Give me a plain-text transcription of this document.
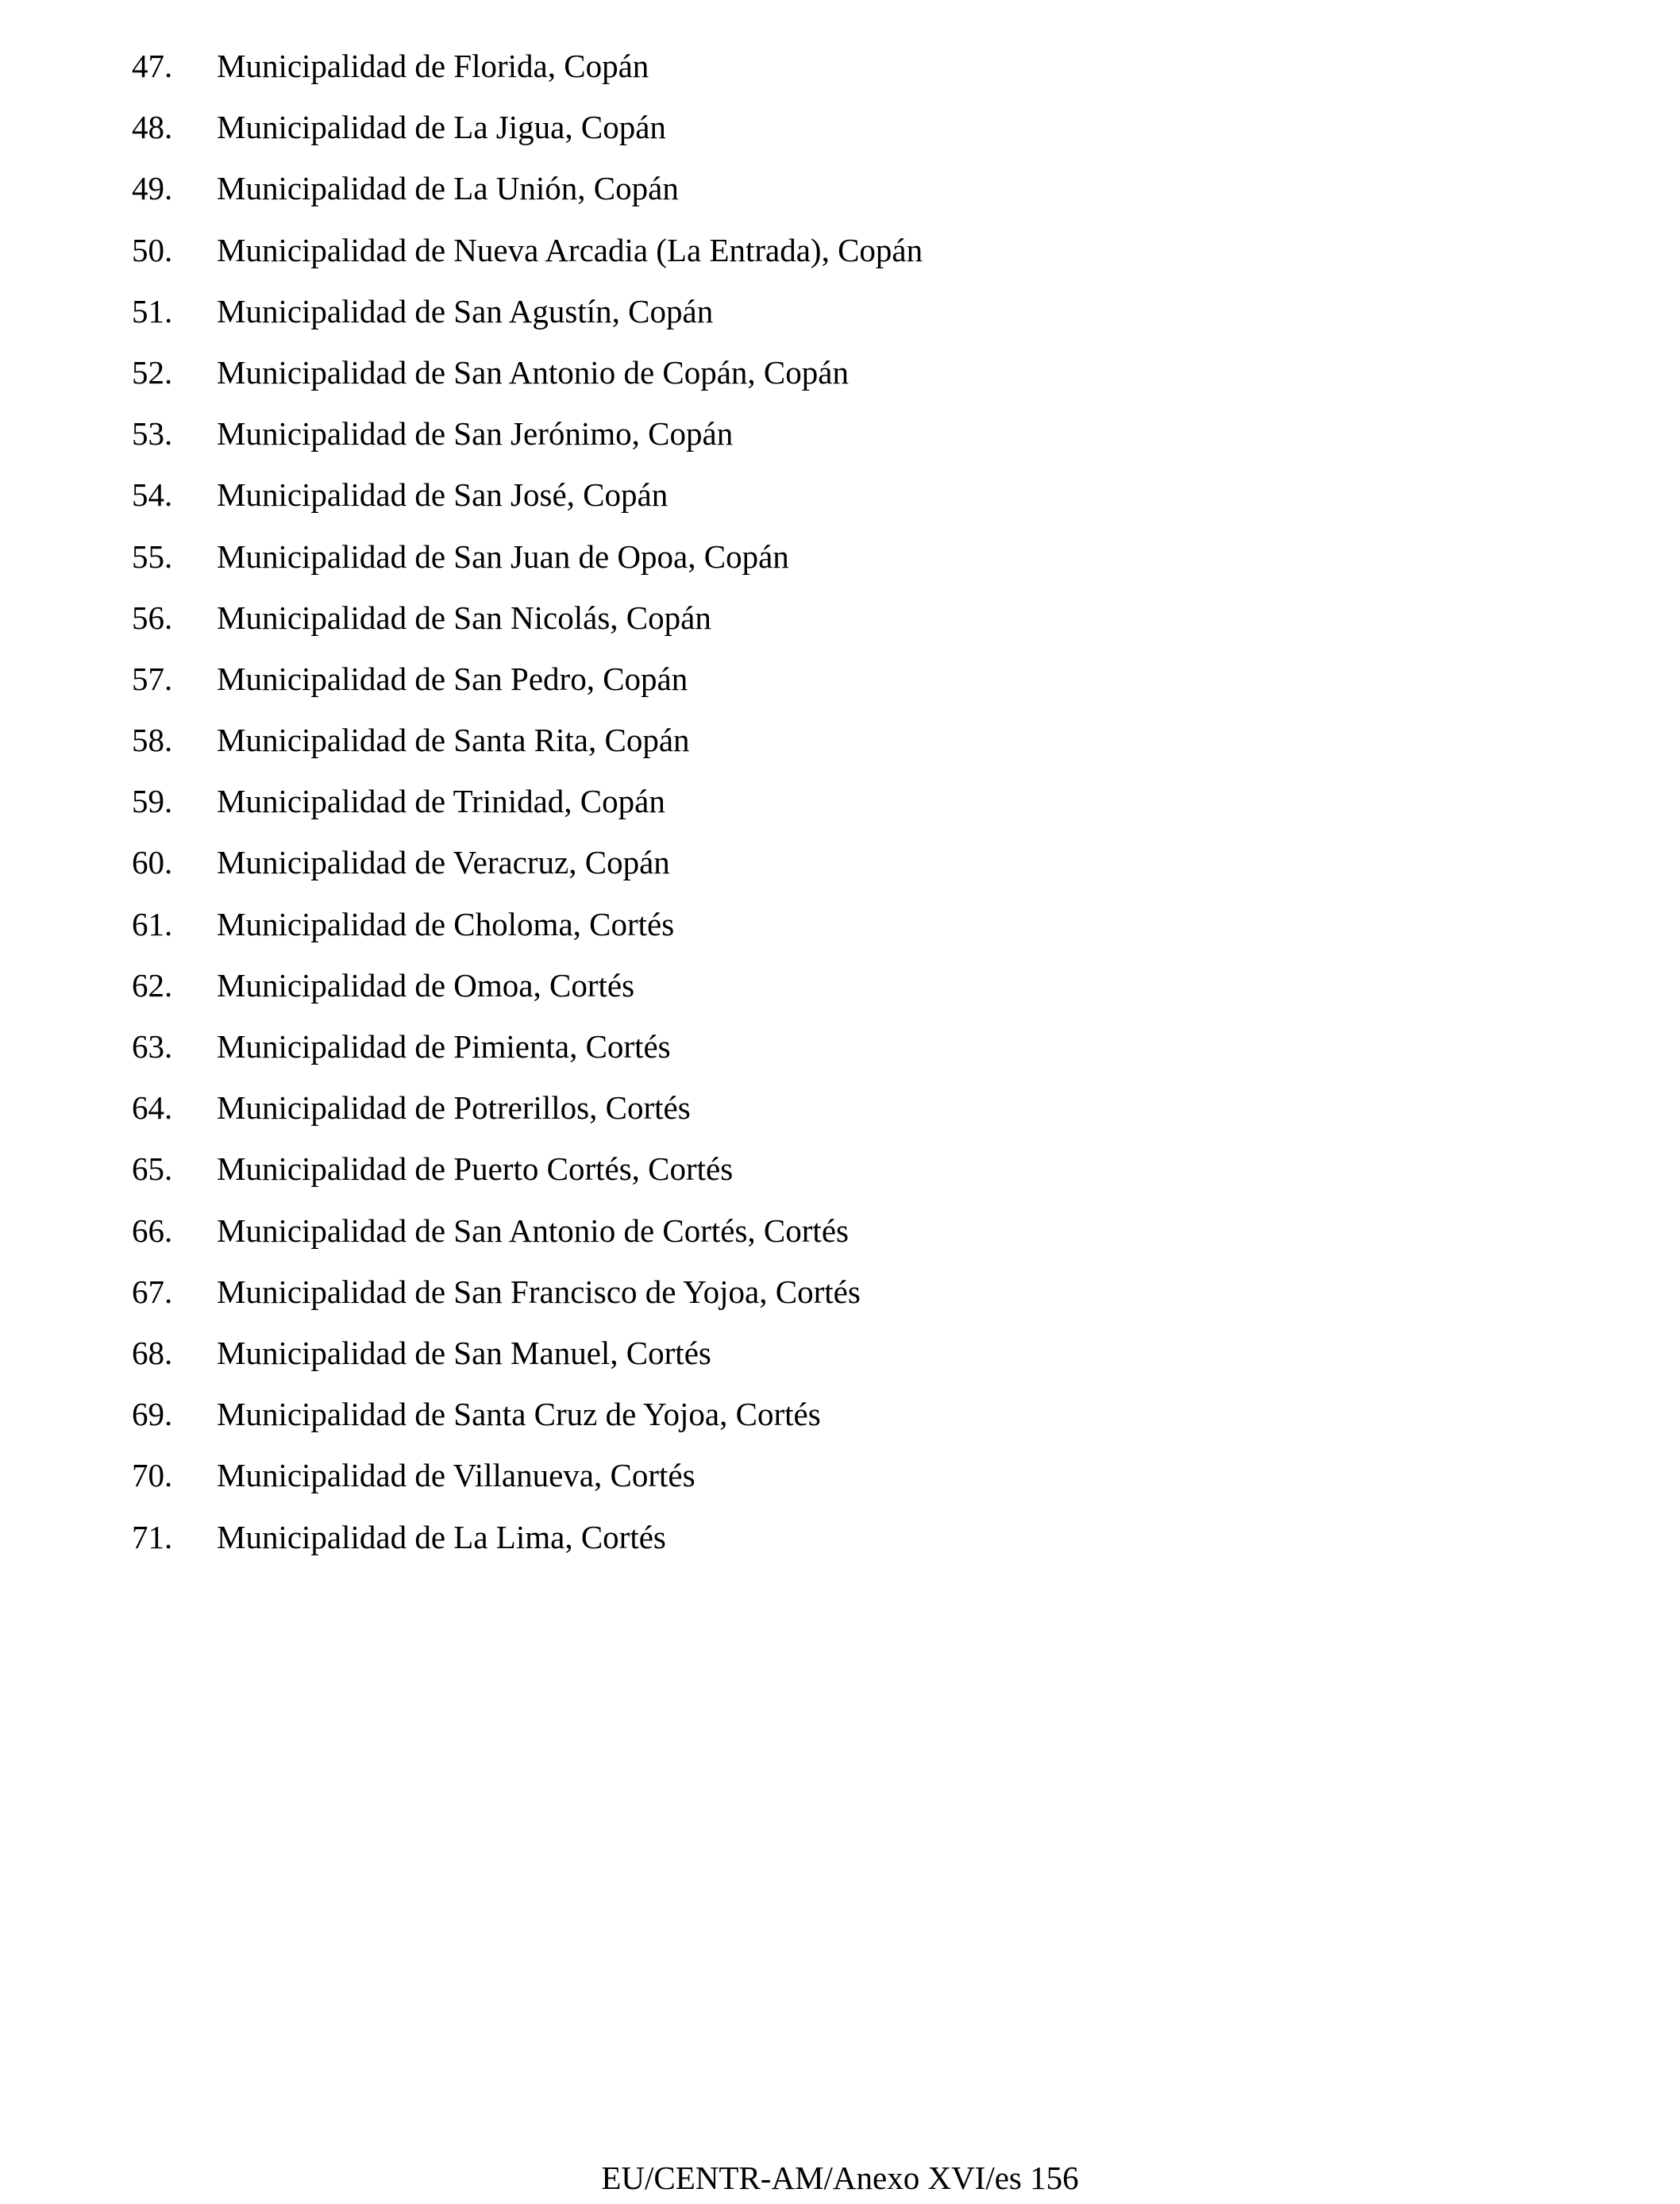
47. Municipalidad de Florida, Copán
48. Municipalidad de La Jigua, Copán
49. Municipalidad de La Unión, Copán
50. Municipalidad de Nueva Arcadia (La Entrada), Copán
51. Municipalidad de San Agustín, Copán
52. Municipalidad de San Antonio de Copán, Copán
53. Municipalidad de San Jerónimo, Copán
54. Municipalidad de San José, Copán
55. Municipalidad de San Juan de Opoa, Copán
56. Municipalidad de San Nicolás, Copán
57. Municipalidad de San Pedro, Copán
58. Municipalidad de Santa Rita, Copán
59. Municipalidad de Trinidad, Copán
60. Municipalidad de Veracruz, Copán
61. Municipalidad de Choloma, Cortés
62. Municipalidad de Omoa, Cortés
63. Municipalidad de Pimienta, Cortés
64. Municipalidad de Potrerillos, Cortés
65. Municipalidad de Puerto Cortés, Cortés
66. Municipalidad de San Antonio de Cortés, Cortés
67. Municipalidad de San Francisco de Yojoa, Cortés
68. Municipalidad de San Manuel, Cortés
69. Municipalidad de Santa Cruz de Yojoa, Cortés
70. Municipalidad de Villanueva, Cortés
71. Municipalidad de La Lima, Cortés
EU/CENTR-AM/Anexo XVI/es 156
